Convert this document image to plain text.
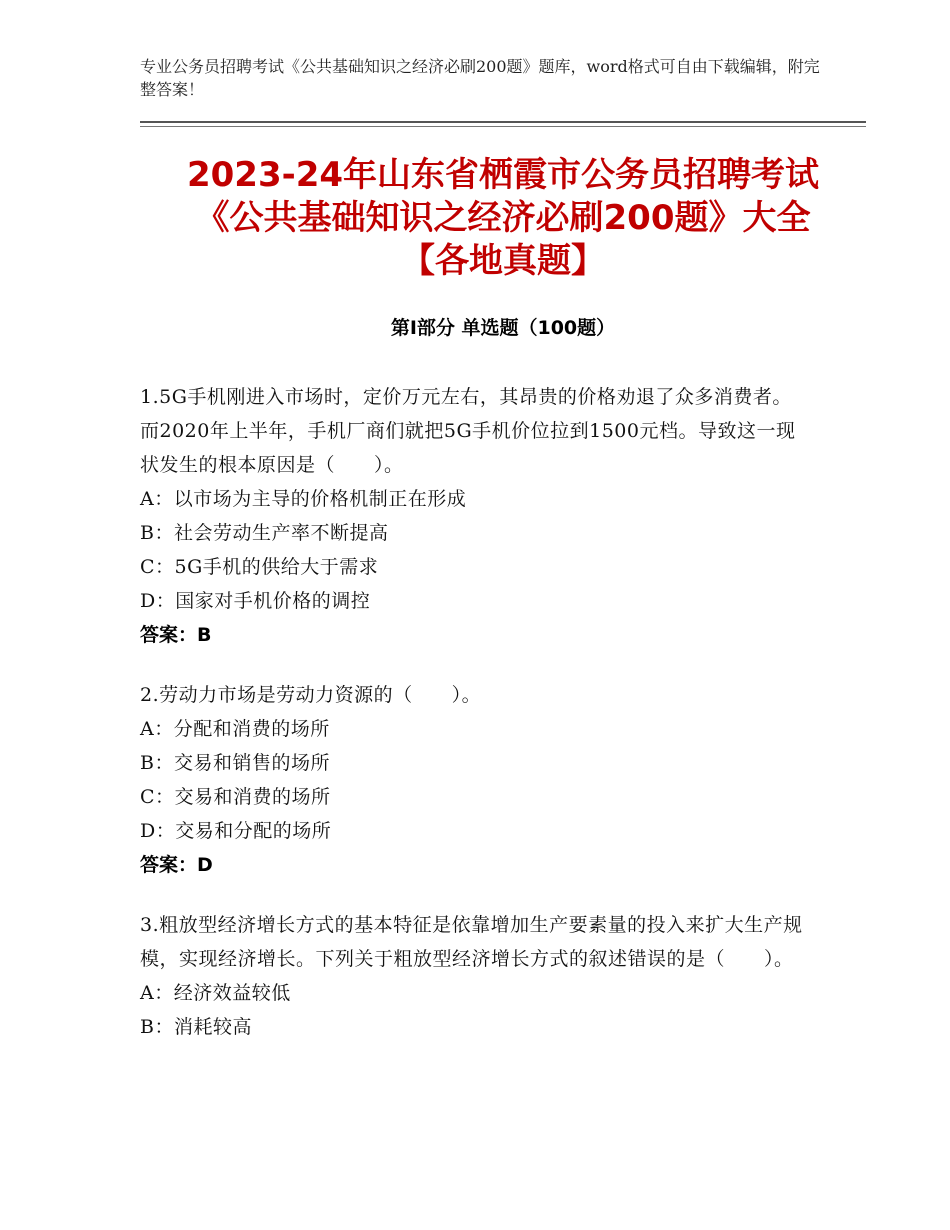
专业公务员招聘考试《公共基础知识之经济必刷200题》题库，word格式可自由下载编辑，附完整答案！
2023-24年山东省栖霞市公务员招聘考试
《公共基础知识之经济必刷200题》大全
【各地真题】
第Ⅰ部分 单选题（100题）
1.5G手机刚进入市场时，定价万元左右，其昂贵的价格劝退了众多消费者。而2020年上半年，手机厂商们就把5G手机价位拉到1500元档。导致这一现状发生的根本原因是（　　）。
A：以市场为主导的价格机制正在形成
B：社会劳动生产率不断提高
C：5G手机的供给大于需求
D：国家对手机价格的调控
答案：B
2.劳动力市场是劳动力资源的（　　）。
A：分配和消费的场所
B：交易和销售的场所
C：交易和消费的场所
D：交易和分配的场所
答案：D
3.粗放型经济增长方式的基本特征是依靠增加生产要素量的投入来扩大生产规模，实现经济增长。下列关于粗放型经济增长方式的叙述错误的是（　　）。
A：经济效益较低
B：消耗较高
